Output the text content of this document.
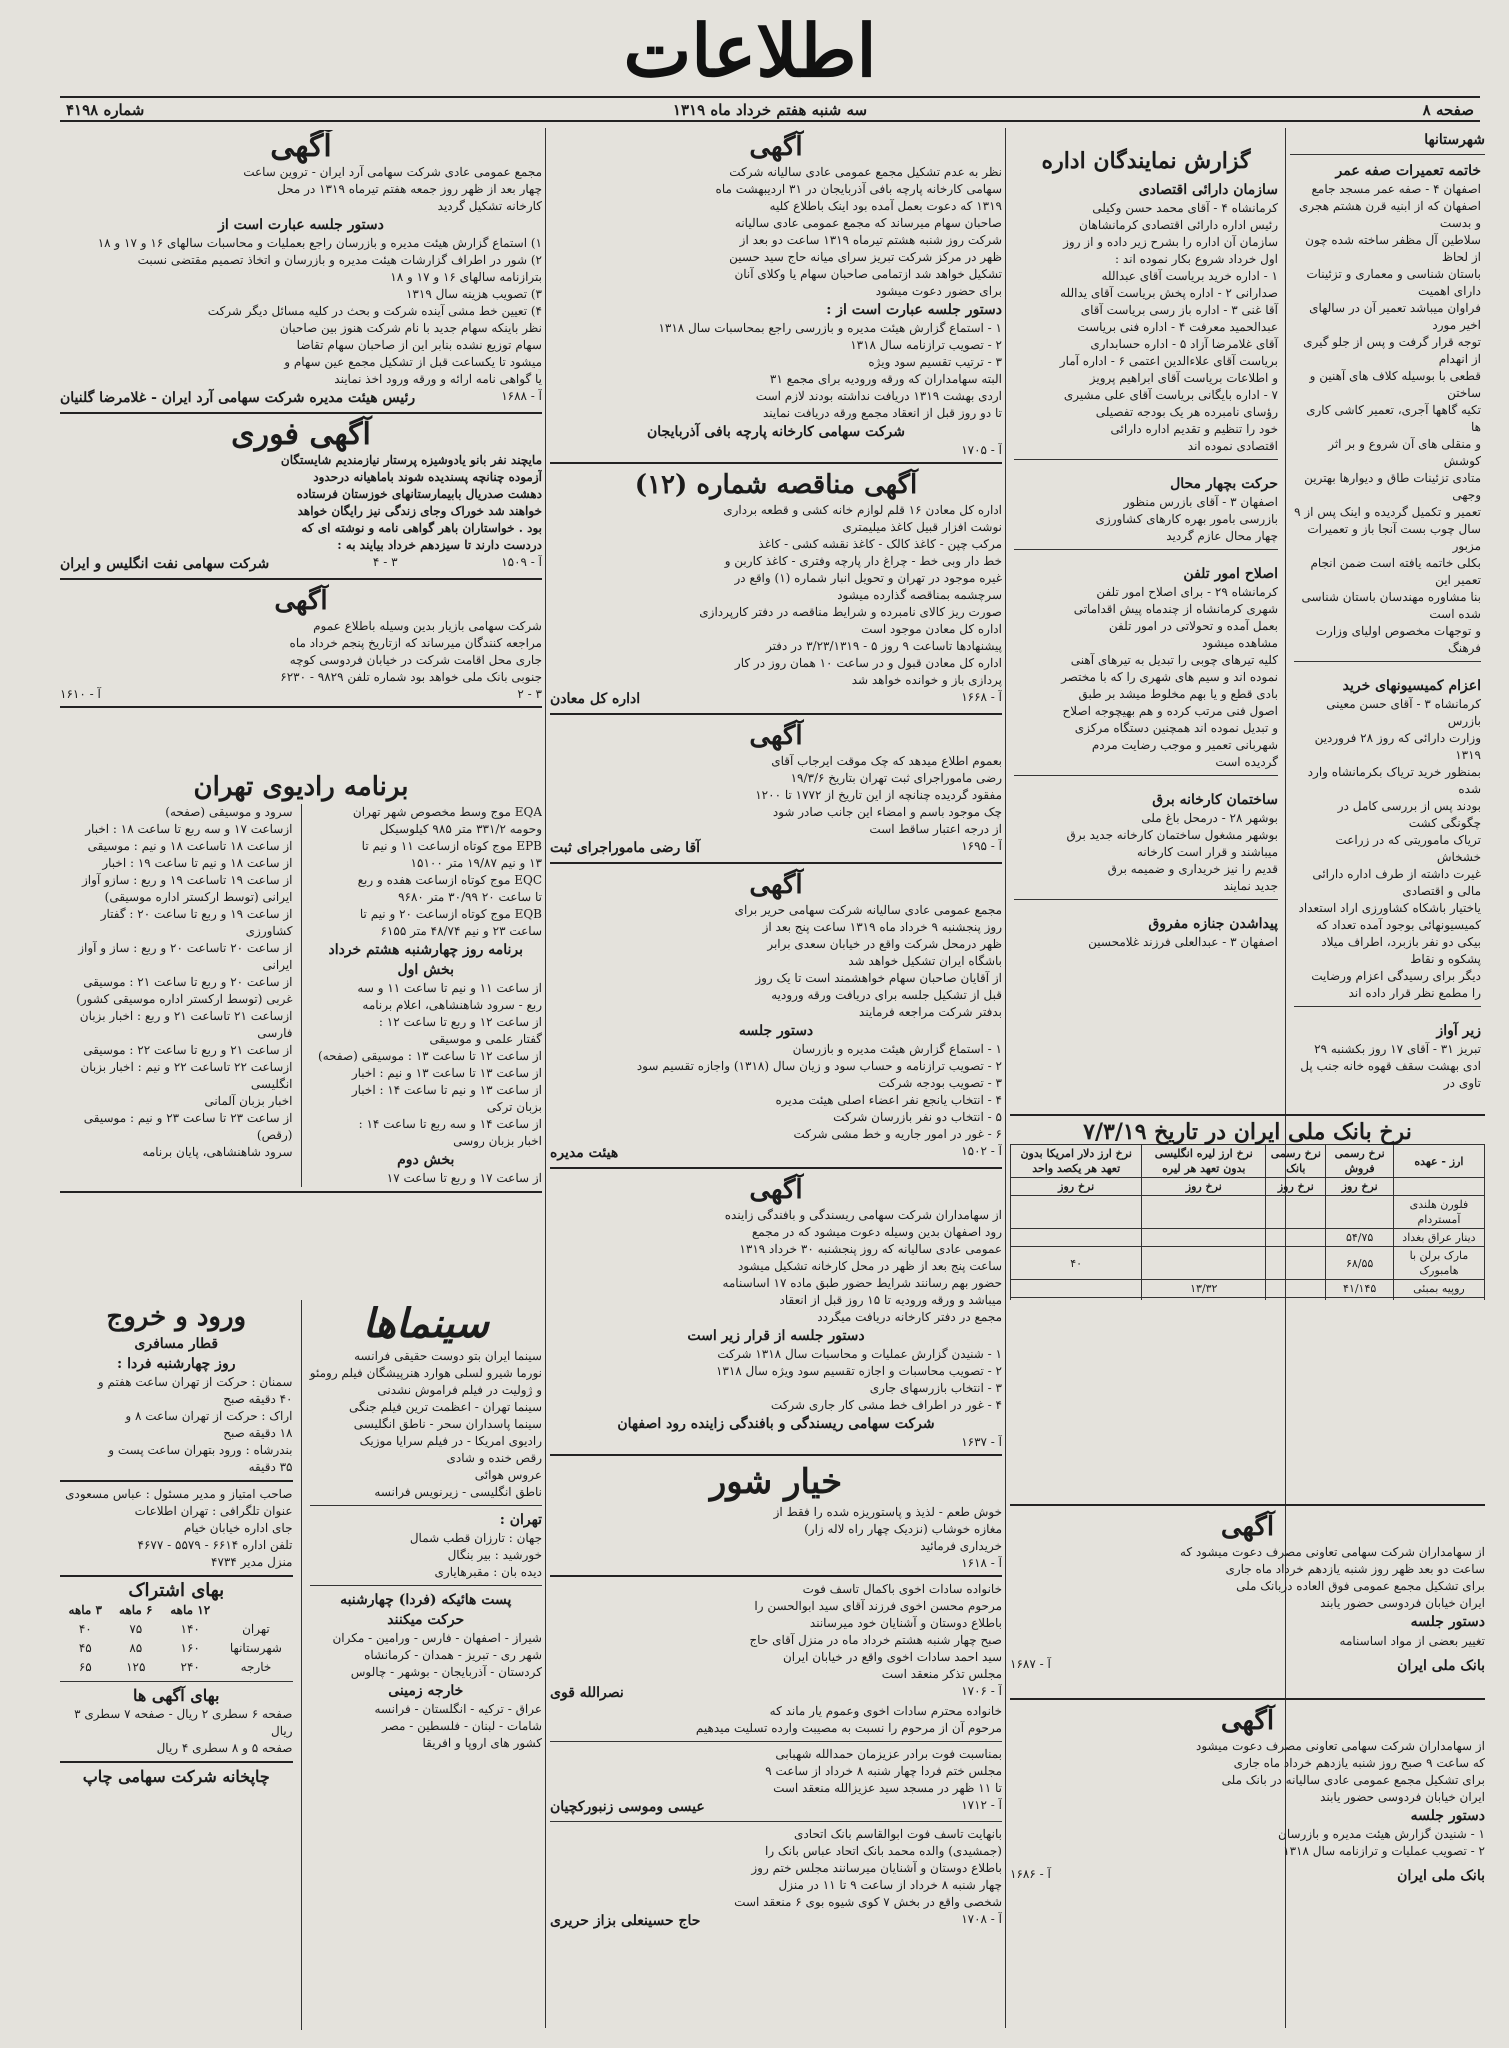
اطلاعات
صفحه ۸
سه شنبه هفتم خرداد ماه ۱۳۱۹
شماره ۴۱۹۸
شهرستانها
خاتمه تعمیرات صفه عمر
اصفهان ۴ - صفه عمر مسجد جامع
اصفهان که از ابنیه قرن هشتم هجری و بدست
سلاطین آل مظفر ساخته شده چون از لحاظ
باستان شناسی و معماری و تزئینات دارای اهمیت
فراوان میباشد تعمیر آن در سالهای اخیر مورد
توجه قرار گرفت و پس از جلو گیری از انهدام
قطعی با بوسیله کلاف های آهنین و ساختن
تکیه گاهها آجری، تعمیر کاشی کاری ها
و منقلی های آن شروع و بر اثر کوشش
متادی تزئینات طاق و دیوارها بهترین وجهی
تعمیر و تکمیل گردیده و اینک پس از ۹
سال چوب بست آنجا باز و تعمیرات مزبور
بکلی خاتمه یافته است ضمن انجام تعمیر این
بنا مشاوره مهندسان باستان شناسی شده است
و توجهات مخصوص اولیای وزارت فرهنگ
اعزام کمیسیونهای خرید
کرمانشاه ۳ - آقای حسن معینی بازرس
وزارت دارائی که روز ۲۸ فروردین ۱۳۱۹
بمنظور خرید تریاک بکرمانشاه وارد شده
بودند پس از بررسی کامل در چگونگی کشت
تریاک ماموریتی که در زراعت خشخاش
غیرت داشته از طرف اداره دارائی مالی و اقتصادی
یاختیار باشکاه کشاورزی اراد استعداد
کمیسیونهائی بوجود آمده تعداد که
بیکی دو نفر بازبرد، اطراف میلاد پشکوه و نقاط
دیگر برای رسیدگی اعزام ورضایت
را مطمع نظر قرار داده اند
زیر آواز
تبریز ۳۱ - آقای ۱۷ روز بکشنبه ۲۹
ادی بهشت سقف قهوه خانه جنب پل تاوی در
گزارش نمایندگان اداره
سازمان دارائی اقتصادی
کرمانشاه ۴ - آقای محمد حسن وکیلی
رئیس اداره دارائی اقتصادی کرمانشاهان
سازمان آن اداره را بشرح زیر داده و از روز
اول خرداد شروع بکار نموده اند :
۱ - اداره خرید بریاست آقای عبدالله
صدارانی ۲ - اداره پخش بریاست آقای یدالله
آقا غنی ۳ - اداره باز رسی بریاست آقای
عبدالحمید معرفت ۴ - اداره فنی بریاست
آقای غلامرضا آزاد ۵ - اداره حسابداری
بریاست آقای علاءالدین اعتمی ۶ - اداره آمار
و اطلاعات بریاست آقای ابراهیم پرویز
۷ - اداره بایگانی بریاست آقای علی مشیری
رؤسای نامبرده هر یک بودجه تفصیلی
خود را تنظیم و تقدیم اداره دارائی
اقتصادی نموده اند
حرکت بچهار محال
اصفهان ۳ - آقای بازرس منظور
بازرسی بامور بهره کارهای کشاورزی
چهار محال عازم گردید
اصلاح امور تلفن
کرمانشاه ۲۹ - برای اصلاح امور تلفن
شهری کرمانشاه از چندماه پیش اقداماتی
بعمل آمده و تحولاتی در امور تلفن
مشاهده میشود
کلیه تیرهای چوبی را تبدیل به تیرهای آهنی
نموده اند و سیم های شهری را که با مختصر
بادی قطع و یا بهم مخلوط میشد بر طبق
اصول فنی مرتب کرده و هم بهیچوجه اصلاح
و تبدیل نموده اند همچنین دستگاه مرکزی
شهربانی تعمیر و موجب رضایت مردم
گردیده است
ساختمان کارخانه برق
بوشهر ۲۸ - درمحل باغ ملی
بوشهر مشغول ساختمان کارخانه جدید برق
میباشند و قرار است کارخانه
قدیم را نیز خریداری و ضمیمه برق
جدید نمایند
پیداشدن جنازه مفروق
اصفهان ۳ - عبدالعلی فرزند غلامحسین
نرخ بانک ملی ایران در تاریخ ۷/۳/۱۹
ارز - عهده	نرخ رسمی فروش	نرخ رسمی بانک	نرخ ارز لیره انگلیسی بدون تعهد هر لیره	نرخ ارز دلار امریکا بدون تعهد هر یکصد واحد
	نرخ روز	نرخ روز	نرخ روز	نرخ روز
فلورن هلندی آمستردام				
دینار عراق بغداد	۵۴/۷۵			
مارک برلن با هامبورک	۶۸/۵۵			۴۰
روپیه بمبئی	۴۱/۱۴۵		۱۳/۳۲	

آگهی
از سهامداران شرکت سهامی تعاونی مصرف دعوت میشود که
ساعت دو بعد ظهر روز شنبه یازدهم خرداد ماه جاری
برای تشکیل مجمع عمومی فوق العاده دربانک ملی
ایران خیابان فردوسی حضور یابند
دستور جلسه
تغییر بعضی از مواد اساسنامه
بانک ملی ایران
آ - ۱۶۸۷
آگهی
از سهامداران شرکت سهامی تعاونی مصرف دعوت میشود
که ساعت ۹ صبح روز شنبه یازدهم خرداد ماه جاری
برای تشکیل مجمع عمومی عادی سالیانه در بانک ملی
ایران خیابان فردوسی حضور یابند
دستور جلسه
۱ - شنیدن گزارش هیئت مدیره و بازرسان
۲ - تصویب عملیات و ترازنامه سال ۱۳۱۸
بانک ملی ایران
آ - ۱۶۸۶
آگهی
نظر به عدم تشکیل مجمع عمومی عادی سالیانه شرکت
سهامی کارخانه پارچه بافی آذربایجان در ۳۱ اردیبهشت ماه
۱۳۱۹ که دعوت بعمل آمده بود اینک باطلاع کلیه
صاحبان سهام میرساند که مجمع عمومی عادی سالیانه
شرکت روز شنبه هشتم تیرماه ۱۳۱۹ ساعت دو بعد از
ظهر در مرکز شرکت تبریز سرای میانه حاج سید حسین
تشکیل خواهد شد ازتمامی صاحبان سهام یا وکلای آنان
برای حضور دعوت میشود
دستور جلسه عبارت است از :
۱ - استماع گزارش هیئت مدیره و بازرسی راجع بمحاسبات سال ۱۳۱۸
۲ - تصویب ترازنامه سال ۱۳۱۸
۳ - ترتیب تقسیم سود ویژه
البته سهامداران که ورقه ورودیه برای مجمع ۳۱
اردی بهشت ۱۳۱۹ دریافت نداشته بودند لازم است
تا دو روز قبل از انعقاد مجمع ورقه دریافت نمایند
شرکت سهامی کارخانه پارچه بافی آذربایجان
آ - ۱۷۰۵
آگهی مناقصه شماره (۱۲)
اداره کل معادن ۱۶ قلم لوازم خانه کشی و قطعه برداری
نوشت افزار قبیل کاغذ میلیمتری
مرکب چپن - کاغذ کالک - کاغذ نقشه کشی - کاغذ
خط دار وبی خط - چراغ دار پارچه وفتری - کاغذ کاربن و
غیره موجود در تهران و تحویل انبار شماره (۱) واقع در
سرچشمه بمناقصه گذارده میشود
صورت ریز کالای نامبرده و شرایط مناقصه در دفتر کارپردازی
اداره کل معادن موجود است
پیشنهادها تاساعت ۹ روز ۵ - ۳/۲۳/۱۳۱۹ در دفتر
اداره کل معادن قبول و در ساعت ۱۰ همان روز در کار
پردازی باز و خوانده خواهد شد
آ - ۱۶۶۸
اداره کل معادن
آگهی
بعموم اطلاع میدهد که چک موقت ایرجاب آقای
رضی ماموراجرای ثبت تهران بتاریخ ۱۹/۳/۶
مفقود گردیده چنانچه از این تاریخ از ۱۷۷۲ تا ۱۲۰۰
چک موجود باسم و امضاء این جانب صادر شود
از درجه اعتبار ساقط است
آ - ۱۶۹۵
آقا رضی ماموراجرای ثبت
آگهی
مجمع عمومی عادی سالیانه شرکت سهامی حریر برای
روز پنجشنبه ۹ خرداد ماه ۱۳۱۹ ساعت پنج بعد از
ظهر درمحل شرکت واقع در خیابان سعدی برابر
باشگاه ایران تشکیل خواهد شد
از آقایان صاحبان سهام خواهشمند است تا یک روز
قبل از تشکیل جلسه برای دریافت ورقه ورودیه
بدفتر شرکت مراجعه فرمایند
دستور جلسه
۱ - استماع گزارش هیئت مدیره و بازرسان
۲ - تصویب ترازنامه و حساب سود و زیان سال (۱۳۱۸) واجازه تقسیم سود
۳ - تصویب بودجه شرکت
۴ - انتخاب یانجع نفر اعضاء اصلی هیئت مدیره
۵ - انتخاب دو نفر بازرسان شرکت
۶ - غور در امور جاریه و خط مشی شرکت
آ - ۱۵۰۲
هیئت مدیره
آگهی
از سهامداران شرکت سهامی ریسندگی و بافندگی زاینده
رود اصفهان بدین وسیله دعوت میشود که در مجمع
عمومی عادی سالیانه که روز پنجشنبه ۳۰ خرداد ۱۳۱۹
ساعت پنج بعد از ظهر در محل کارخانه تشکیل میشود
حضور بهم رسانند شرایط حضور طبق ماده ۱۷ اساسنامه
میباشد و ورقه ورودیه تا ۱۵ روز قبل از انعقاد
مجمع در دفتر کارخانه دریافت میگردد
دستور جلسه از قرار زیر است
۱ - شنیدن گزارش عملیات و محاسبات سال ۱۳۱۸ شرکت
۲ - تصویب محاسبات و اجازه تقسیم سود ویژه سال ۱۳۱۸
۳ - انتخاب بازرسهای جاری
۴ - غور در اطراف خط مشی کار جاری شرکت
شرکت سهامی ریسندگی و بافندگی زاینده رود اصفهان
آ - ۱۶۳۷
خیار شور
خوش طعم - لذیذ و پاستوریزه شده را فقط از
مغازه خوشاب (نزدیک چهار راه لاله زار)
خریداری فرمائید
آ - ۱۶۱۸
خانواده سادات اخوی باکمال تاسف فوت
مرحوم محسن اخوی فرزند آقای سید ابوالحسن را
باطلاع دوستان و آشنایان خود میرسانند
صبح چهار شنبه هشتم خرداد ماه در منزل آقای حاج
سید احمد سادات اخوی واقع در خیابان ایران
مجلس تذکر منعقد است
آ - ۱۷۰۶
نصرالله قوی
خانواده محترم سادات اخوی وعموم یار ماند که
مرحوم آن از مرحوم را نسبت به مصیبت وارده تسلیت میدهیم
بمناسبت فوت برادر عزیزمان حمدالله شهبابی
مجلس ختم فردا چهار شنبه ۸ خرداد از ساعت ۹
تا ۱۱ ظهر در مسجد سید عزیزالله منعقد است
آ - ۱۷۱۲
عیسی وموسی زنبورکچیان
بانهایت تاسف فوت ابوالقاسم بانک اتحادی
(جمشیدی) والده محمد بانک اتحاد عباس بانک را
باطلاع دوستان و آشنایان میرسانند مجلس ختم روز
چهار شنبه ۸ خرداد از ساعت ۹ تا ۱۱ در منزل
شخصی واقع در بخش ۷ کوی شیوه بوی ۶ منعقد است
آ - ۱۷۰۸
حاج حسینعلی بزاز حریری
آگهی
مجمع عمومی عادی شرکت سهامی آرد ایران - تروین ساعت
چهار بعد از ظهر روز جمعه هفتم تیرماه ۱۳۱۹ در محل
کارخانه تشکیل گردید
دستور جلسه عبارت است از
۱) استماع گزارش هیئت مدیره و بازرسان راجع بعملیات و محاسبات سالهای ۱۶ و ۱۷ و ۱۸
۲) شور در اطراف گزارشات هیئت مدیره و بازرسان و اتخاذ تصمیم مقتضی نسبت
بترازنامه سالهای ۱۶ و ۱۷ و ۱۸
۳) تصویب هزینه سال ۱۳۱۹
۴) تعیین خط مشی آینده شرکت و بحث در کلیه مسائل دیگر شرکت
نظر باینکه سهام جدید با نام شرکت هنوز بین صاحبان
سهام توزیع نشده بنابر این از صاحبان سهام تقاضا
میشود تا یکساعت قبل از تشکیل مجمع عین سهام و
یا گواهی نامه ارائه و ورقه ورود اخذ نمایند
آ - ۱۶۸۸
رئیس هیئت مدیره شرکت سهامی آرد ایران - غلامرضا گلنیان
آگهی فوری
مایچند نفر بانو یادوشیزه پرستار نیازمندیم شایستگان
آزموده چنانچه پسندیده شوند باماهیانه درحدود
دهشت صدریال بابیمارستانهای خوزستان فرستاده
خواهند شد خوراک وجای زندگی نیز رایگان خواهد
بود . خواستاران باهر گواهی نامه و نوشته ای که
دردست دارند تا سیزدهم خرداد بیایند به :
آ - ۱۵۰۹
۳ - ۴
شرکت سهامی نفت انگلیس و ایران
آگهی
شرکت سهامی بازیار بدین وسیله باطلاع عموم
مراجعه کنندگان میرساند که ازتاریخ پنجم خرداد ماه
جاری محل اقامت شرکت در خیابان فردوسی کوچه
جنوبی بانک ملی خواهد بود شماره تلفن ۹۸۲۹ - ۶۲۳۰
۳ - ۲
آ - ۱۶۱۰
برنامه رادیوی تهران
EQA موج وسط مخصوص شهر تهران
وحومه ۳۳۱/۲ متر ۹۸۵ کیلوسیکل
EPB موج کوتاه ازساعت ۱۱ و نیم تا
۱۳ و نیم ۱۹/۸۷ متر ۱۵۱۰۰
EQC موج کوتاه ازساعت هفده و ربع
تا ساعت ۲۰ ۳۰/۹۹ متر ۹۶۸۰
EQB موج کوتاه ازساعت ۲۰ و نیم تا
ساعت ۲۳ و نیم ۴۸/۷۴ متر ۶۱۵۵
برنامه روز چهارشنبه هشتم خرداد
بخش اول
از ساعت ۱۱ و نیم تا ساعت ۱۱ و سه
ربع - سرود شاهنشاهی، اعلام برنامه
از ساعت ۱۲ و ربع تا ساعت ۱۲ :
گفتار علمی و موسیقی
از ساعت ۱۲ تا ساعت ۱۳ : موسیقی (صفحه)
از ساعت ۱۳ تا ساعت ۱۳ و نیم : اخبار
از ساعت ۱۳ و نیم تا ساعت ۱۴ : اخبار
بزبان ترکی
از ساعت ۱۴ و سه ربع تا ساعت ۱۴ :
اخبار بزبان روسی
بخش دوم
از ساعت ۱۷ و ربع تا ساعت ۱۷
سرود و موسیقی (صفحه)
ازساعت ۱۷ و سه ربع تا ساعت ۱۸ : اخبار
از ساعت ۱۸ تاساعت ۱۸ و نیم : موسیقی
از ساعت ۱۸ و نیم تا ساعت ۱۹ : اخبار
از ساعت ۱۹ تاساعت ۱۹ و ربع : سازو آواز
ایرانی (توسط ارکستر اداره موسیقی)
از ساعت ۱۹ و ربع تا ساعت ۲۰ : گفتار کشاورزی
از ساعت ۲۰ تاساعت ۲۰ و ربع : ساز و آواز
ایرانی
از ساعت ۲۰ و ربع تا ساعت ۲۱ : موسیقی
غربی (توسط ارکستر اداره موسیقی کشور)
ازساعت ۲۱ تاساعت ۲۱ و ربع : اخبار بزبان فارسی
از ساعت ۲۱ و ربع تا ساعت ۲۲ : موسیقی
ازساعت ۲۲ تاساعت ۲۲ و نیم : اخبار بزبان انگلیسی
اخبار بزبان آلمانی
از ساعت ۲۳ تا ساعت ۲۳ و نیم : موسیقی (رقص)
سرود شاهنشاهی، پایان برنامه
سینماها
سینما ایران بتو دوست حقیقی فرانسه
نورما شیرو لسلی هوارد هنرپیشگان فیلم رومئو
و ژولیت در فیلم فراموش نشدنی
سینما تهران - اعظمت ترین فیلم جنگی
سینما پاسداران سحر - ناطق انگلیسی
رادیوی امریکا - در فیلم سرایا موزیک
رقص خنده و شادی
عروس هوائی
ناطق انگلیسی - زیرنویس فرانسه
تهران :
جهان : تارزان قطب شمال
خورشید : بیر بنگال
دیده بان : مقبرهایاری
پست هائیکه (فردا) چهارشنبه
حرکت میکنند
شیراز - اصفهان - فارس - ورامین - مکران
شهر ری - تبریز - همدان - کرمانشاه
کردستان - آذربایجان - بوشهر - چالوس
خارجه زمینی
عراق - ترکیه - انگلستان - فرانسه
شامات - لبنان - فلسطین - مصر
کشور های اروپا و افریقا
ورود و خروج
قطار مسافری
روز چهارشنبه فردا :
سمنان : حرکت از تهران ساعت هفتم و
۴۰ دقیقه صبح
اراک : حرکت از تهران ساعت ۸ و
۱۸ دقیقه صبح
بندرشاه : ورود بتهران ساعت پست و
۳۵ دقیقه
صاحب امتیاز و مدیر مسئول : عباس مسعودی
عنوان تلگرافی : تهران اطلاعات
جای اداره خیابان خیام
تلفن اداره ۶۶۱۴ - ۵۵۷۹ - ۴۶۷۷
منزل مدیر ۴۷۳۴
بهای اشتراک
	۱۲ ماهه	۶ ماهه	۳ ماهه
تهران	۱۴۰	۷۵	۴۰
شهرستانها	۱۶۰	۸۵	۴۵
خارجه	۲۴۰	۱۲۵	۶۵
بهای آگهی ها
صفحه ۶ سطری ۲ ریال - صفحه ۷ سطری ۳ ریال
صفحه ۵ و ۸ سطری ۴ ریال
چاپخانه شرکت سهامی چاپ
